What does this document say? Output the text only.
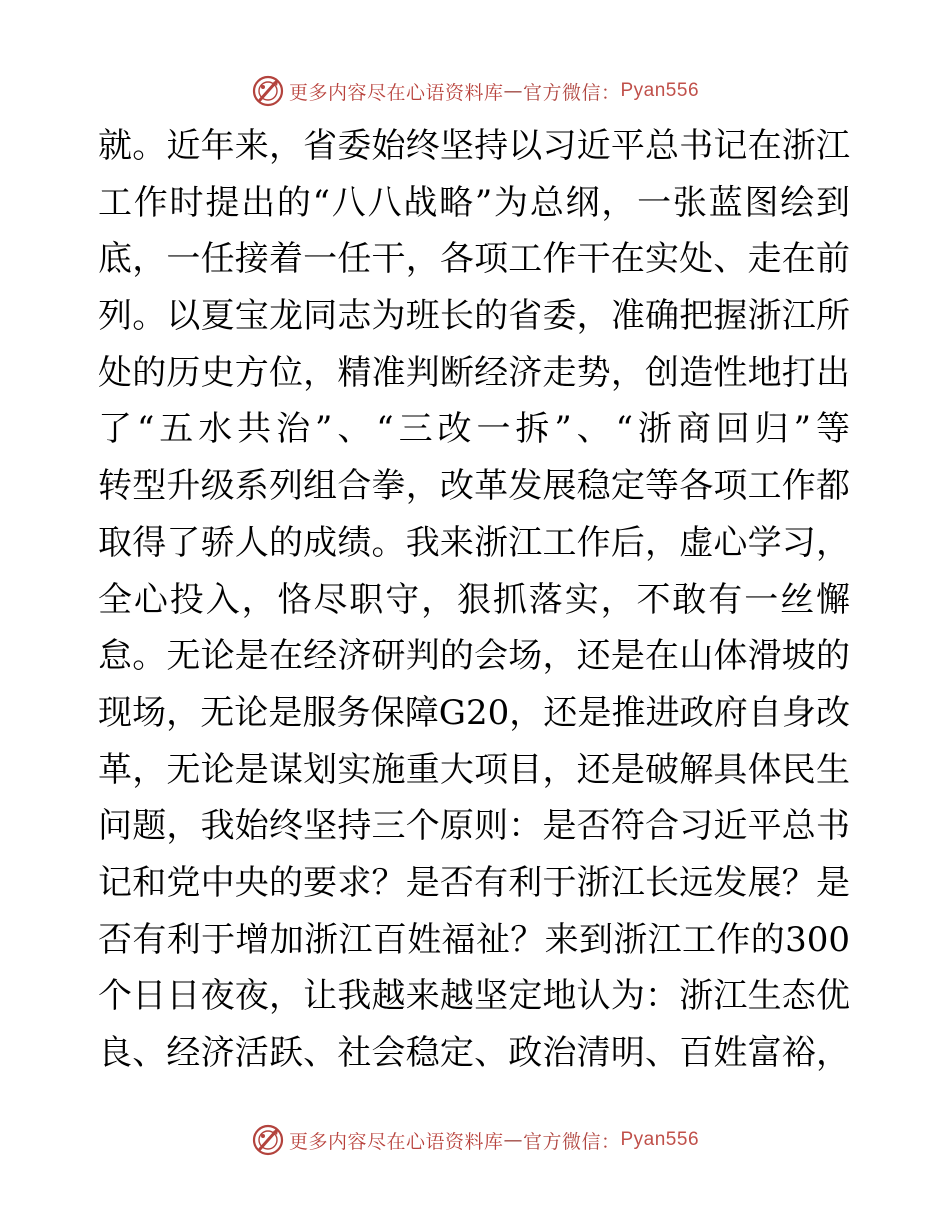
更多内容尽在心语资料库 — 官方微信： Pyan556
就。近年来，省委始终坚持以习近平总书记在浙江
工作时提出的“八八战略”为总纲，一张蓝图绘到
底，一任接着一任干，各项工作干在实处、走在前
列。以夏宝龙同志为班长的省委，准确把握浙江所
处的历史方位，精准判断经济走势，创造性地打出
了“五水共治”、“三改一拆”、“浙商回归”等
转型升级系列组合拳，改革发展稳定等各项工作都
取得了骄人的成绩。我来浙江工作后，虚心学习，
全心投入，恪尽职守，狠抓落实，不敢有一丝懈
怠。无论是在经济研判的会场，还是在山体滑坡的
现场，无论是服务保障G20，还是推进政府自身改
革，无论是谋划实施重大项目，还是破解具体民生
问题，我始终坚持三个原则：是否符合习近平总书
记和党中央的要求？是否有利于浙江长远发展？是
否有利于增加浙江百姓福祉？来到浙江工作的300
个日日夜夜，让我越来越坚定地认为：浙江生态优
良、经济活跃、社会稳定、政治清明、百姓富裕，
更多内容尽在心语资料库 — 官方微信： Pyan556
